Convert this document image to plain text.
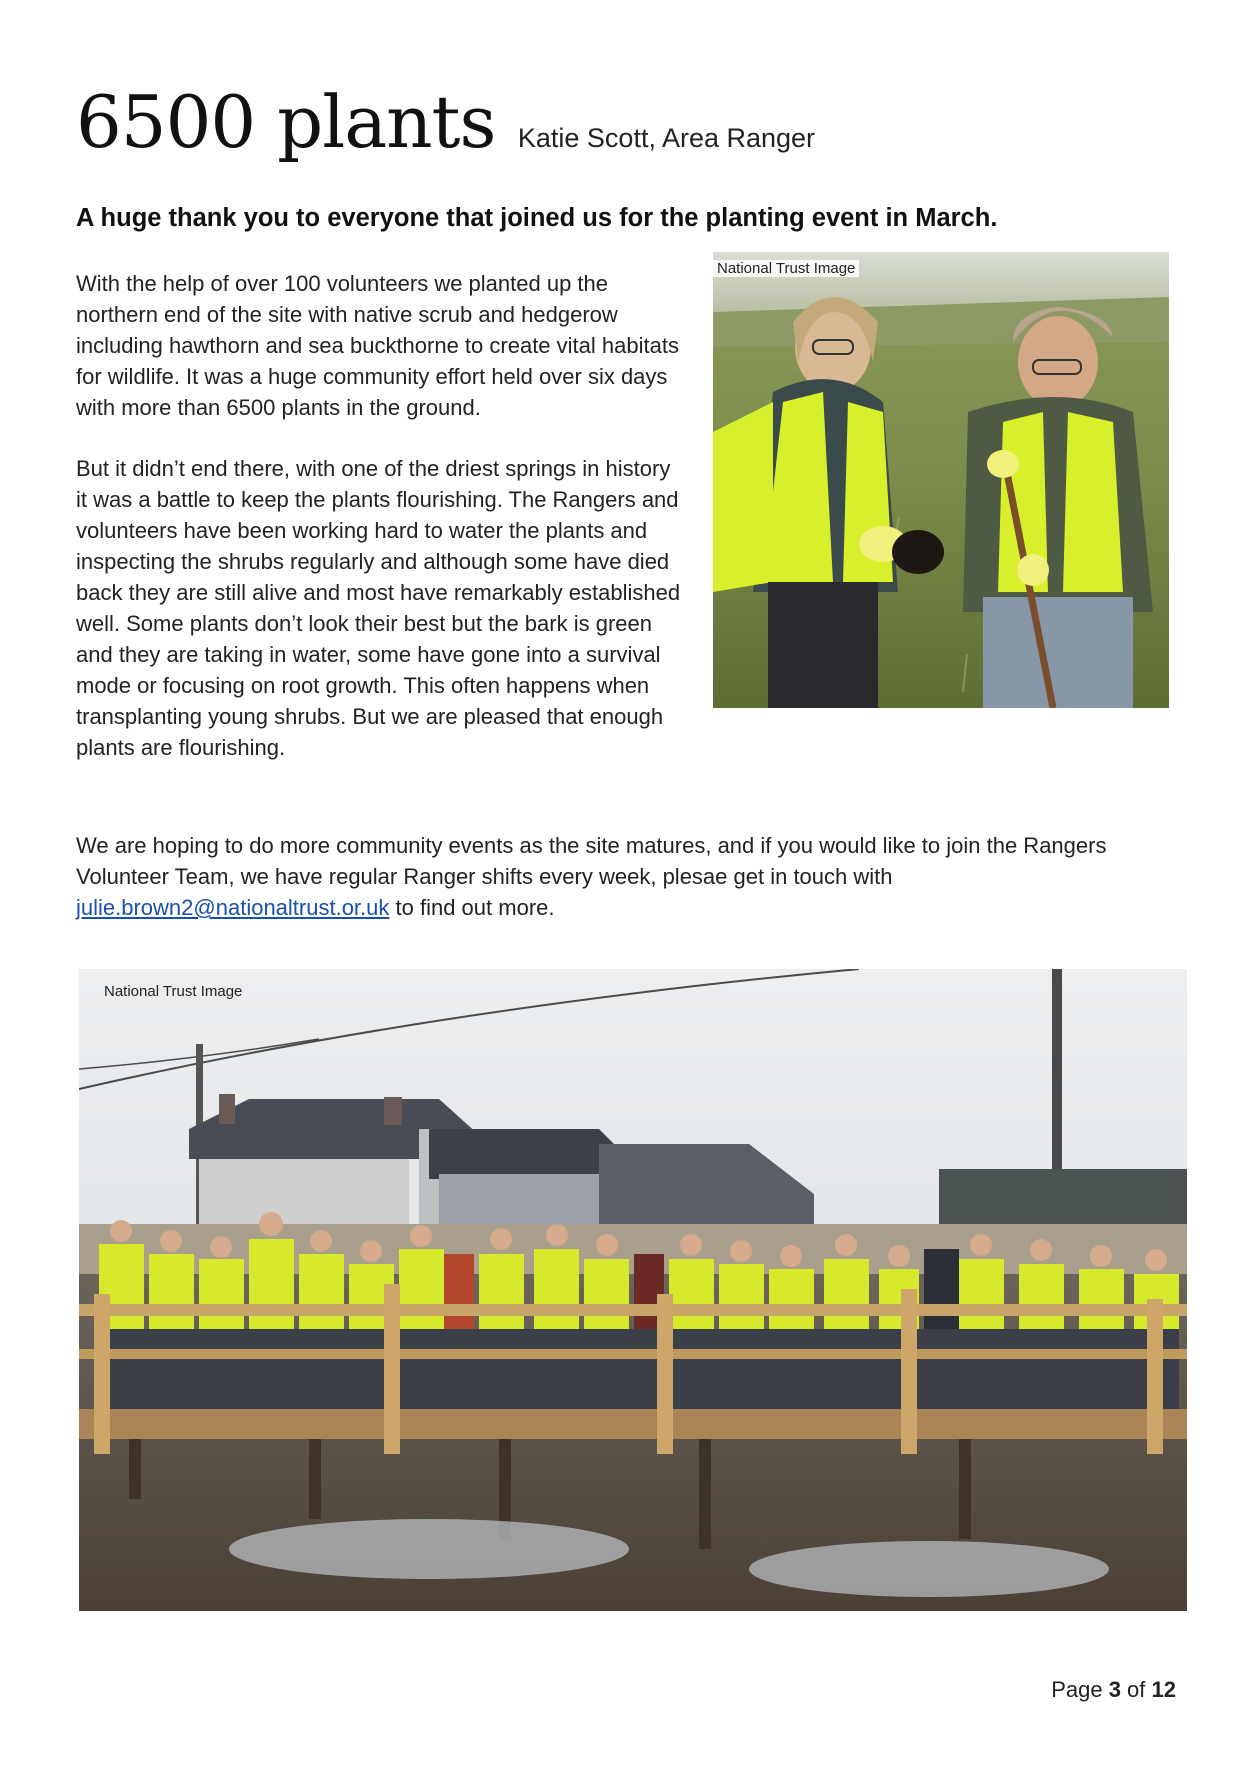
6500 plants Katie Scott, Area Ranger
A huge thank you to everyone that joined us for the planting event in March.

With the help of over 100 volunteers we planted up the northern end of the site with native scrub and hedgerow including hawthorn and sea buckthorne to create vital habitats for wildlife. It was a huge community effort held over six days with more than 6500 plants in the ground.

But it didn’t end there, with one of the driest springs in history it was a battle to keep the plants flourishing. The Rangers and volunteers have been working hard to water the plants and inspecting the shrubs regularly and although some have died back they are still alive and most have remarkably established well. Some plants don’t look their best but the bark is green and they are taking in water, some have gone into a survival mode or focusing on root growth. This often happens when transplanting young shrubs. But we are pleased that enough plants are flourishing.

We are hoping to do more community events as the site matures, and if you would like to join the Rangers Volunteer Team, we have regular Ranger shifts every week, plesae get in touch with julie.brown2@nationaltrust.or.uk to find out more.

National Trust Image
National Trust Image
Page 3 of 12
